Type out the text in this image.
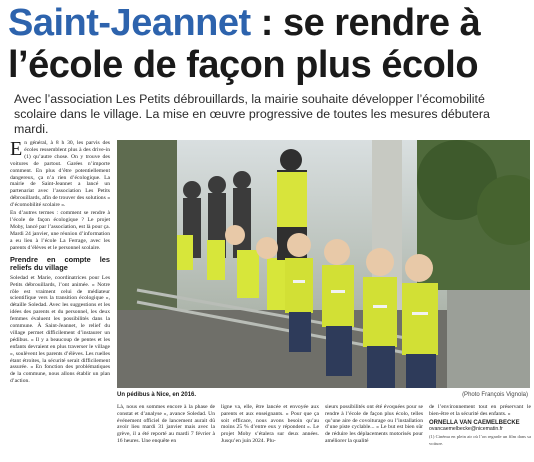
Saint-Jeannet : se rendre à l’école de façon plus écolo

Avec l’association Les Petits débrouillards, la mairie souhaite développer l’écomobilité scolaire dans le village. La mise en œuvre progressive de toutes les mesures débutera mardi.

En général, à 8 h 30, les parvis des écoles ressemblent plus à des drive-in (1) qu’autre chose. On y trouve des voitures de partout. Garées n’importe comment. En plus d’être potentiellement dangereux, ça n’a rien d’écologique. La mairie de Saint-Jeannet a lancé un partenariat avec l’association Les Petits débrouillards, afin de trouver des solutions « d’écomobilité scolaire ».

En d’autres termes : comment se rendre à l’école de façon écologique ? Le projet Moby, lancé par l’association, est là pour ça. Mardi 24 janvier, une réunion d’information a eu lieu à l’école La Ferrage, avec les parents d’élèves et le personnel scolaire.

Prendre en compte les reliefs du village

Soledad et Marie, coordinatrices pour Les Petits débrouillards, l’ont animée. « Notre rôle est vraiment celui de médiateur scientifique vers la transition écologique », détaille Soledad. Avec les suggestions et les idées des parents et du personnel, les deux femmes évaluent les possibilités dans la commune. À Saint-Jeannet, le relief du village permet difficilement d’instaurer un pédibus. « Il y a beaucoup de pentes et les enfants devraient en plus traverser le village », soulèvent les parents d’élèves. Les ruelles étant étroites, la sécurité serait difficilement assurée. « En fonction des problématiques de la commune, nous allons établir un plan d’action.

Un pédibus à Nice, en 2016.	(Photo François Vignola)

Là, nous en sommes encore à la phase de constat et d’analyse », avance Soledad. Un événement officiel de lancement aurait dû avoir lieu mardi 31 janvier mais avec la grève, il a été reporté au mardi 7 février à 16 heures. Une enquête en

ligne va, elle, être lancée et envoyée aux parents et aux enseignants. « Pour que ça soit efficace, nous avons besoin qu’au moins 25 % d’entre eux y répondent ». Le projet Moby s’étalera sur deux années. Jusqu’en juin 2024. Plu-

sieurs possibilités ont été évoquées pour se rendre à l’école de façon plus écolo, telles qu’une aire de covoiturage ou l’installation d’une piste cyclable... « Le but est bien sûr de réduire les déplacements motorisés pour améliorer la qualité

de l’environnement tout en préservant le bien-être et la sécurité des enfants. »

ORNELLA VAN CAEMELBECKE
ovancaemelbecke@nicematin.fr
(1) Cinéma en plein air où l’on regarde un film dans sa voiture.
